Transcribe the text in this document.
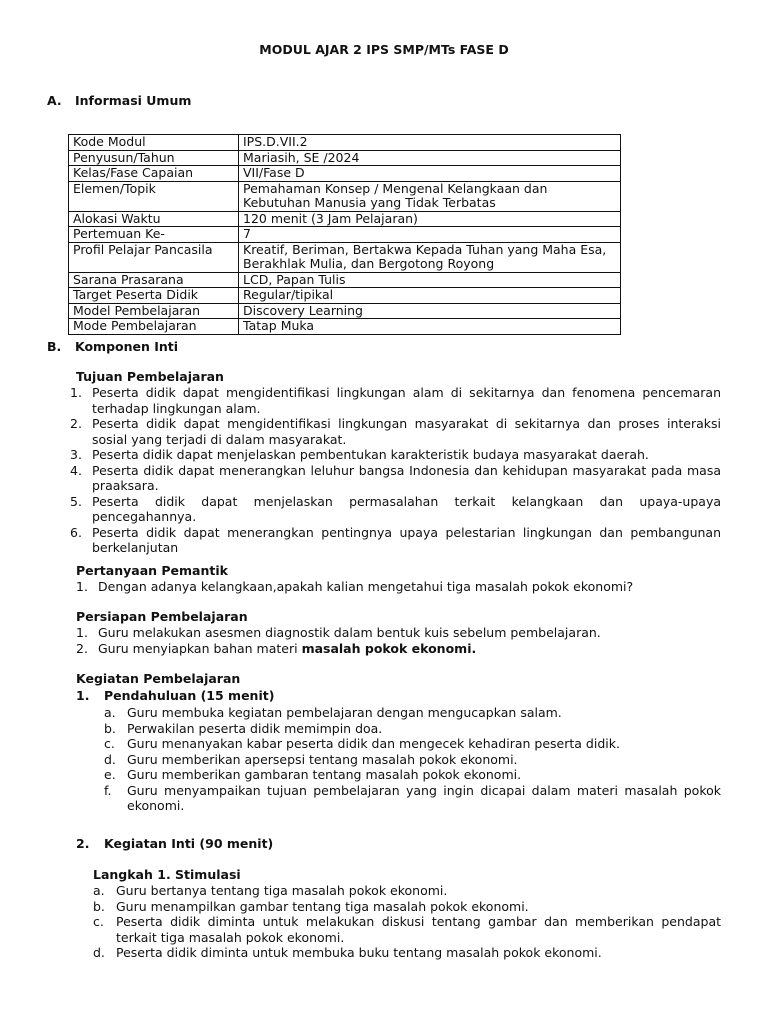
MODUL AJAR 2 IPS SMP/MTs FASE D
A. Informasi Umum
Kode Modul	IPS.D.VII.2
Penyusun/Tahun	Mariasih, SE /2024
Kelas/Fase Capaian	VII/Fase D
Elemen/Topik	Pemahaman Konsep / Mengenal Kelangkaan dan Kebutuhan Manusia yang Tidak Terbatas
Alokasi Waktu	120 menit (3 Jam Pelajaran)
Pertemuan Ke-	7
Profil Pelajar Pancasila	Kreatif, Beriman, Bertakwa Kepada Tuhan yang Maha Esa, Berakhlak Mulia, dan Bergotong Royong
Sarana Prasarana	LCD, Papan Tulis
Target Peserta Didik	Regular/tipikal
Model Pembelajaran	Discovery Learning
Mode Pembelajaran	Tatap Muka
B. Komponen Inti
Tujuan Pembelajaran
1. Peserta didik dapat mengidentifikasi lingkungan alam di sekitarnya dan fenomena pencemaran terhadap lingkungan alam.
2. Peserta didik dapat mengidentifikasi lingkungan masyarakat di sekitarnya dan proses interaksi sosial yang terjadi di dalam masyarakat.
3. Peserta didik dapat menjelaskan pembentukan karakteristik budaya masyarakat daerah.
4. Peserta didik dapat menerangkan leluhur bangsa Indonesia dan kehidupan masyarakat pada masa praaksara.
5. Peserta didik dapat menjelaskan permasalahan terkait kelangkaan dan upaya-upaya pencegahannya.
6. Peserta didik dapat menerangkan pentingnya upaya pelestarian lingkungan dan pembangunan berkelanjutan
Pertanyaan Pemantik
1. Dengan adanya kelangkaan,apakah kalian mengetahui tiga masalah pokok ekonomi?
Persiapan Pembelajaran
1. Guru melakukan asesmen diagnostik dalam bentuk kuis sebelum pembelajaran.
2. Guru menyiapkan bahan materi masalah pokok ekonomi.
Kegiatan Pembelajaran
1. Pendahuluan (15 menit)
a. Guru membuka kegiatan pembelajaran dengan mengucapkan salam.
b. Perwakilan peserta didik memimpin doa.
c. Guru menanyakan kabar peserta didik dan mengecek kehadiran peserta didik.
d. Guru memberikan apersepsi tentang masalah pokok ekonomi.
e. Guru memberikan gambaran tentang masalah pokok ekonomi.
f. Guru menyampaikan tujuan pembelajaran yang ingin dicapai dalam materi masalah pokok ekonomi.
2. Kegiatan Inti (90 menit)
Langkah 1. Stimulasi
a. Guru bertanya tentang tiga masalah pokok ekonomi.
b. Guru menampilkan gambar tentang tiga masalah pokok ekonomi.
c. Peserta didik diminta untuk melakukan diskusi tentang gambar dan memberikan pendapat terkait tiga masalah pokok ekonomi.
d. Peserta didik diminta untuk membuka buku tentang masalah pokok ekonomi.
